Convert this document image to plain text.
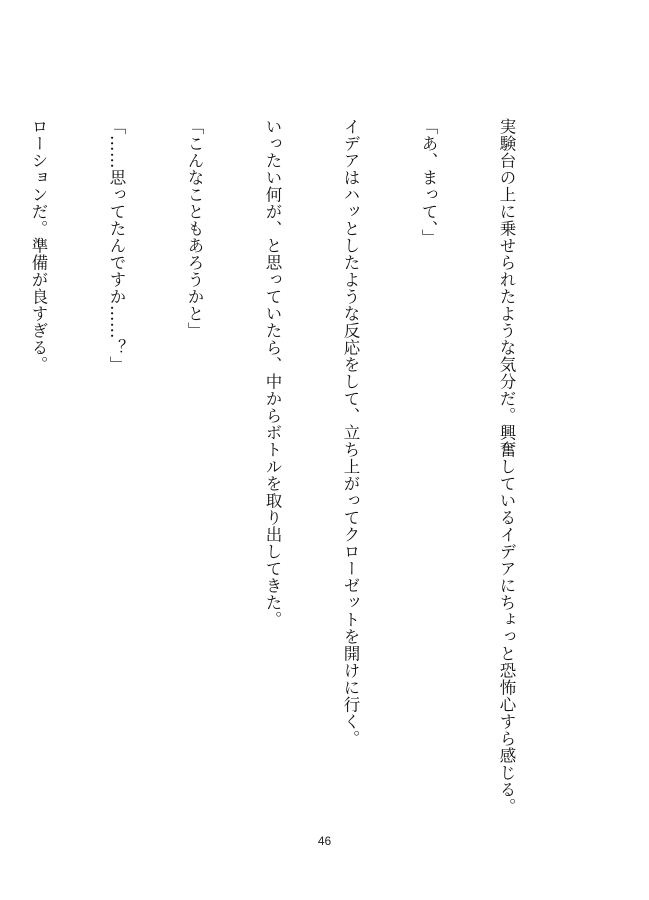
実験台の上に乗せられたような気分だ。興奮しているイデアにちょっと恐怖心すら感じる。

「あ、まって、」

イデアはハッとしたような反応をして、立ち上がってクローゼットを開けに行く。

いったい何が、と思っていたら、中からボトルを取り出してきた。

「こんなこともあろうかと」

「……思ってたんですか……？」

ローションだ。準備が良すぎる。

46
